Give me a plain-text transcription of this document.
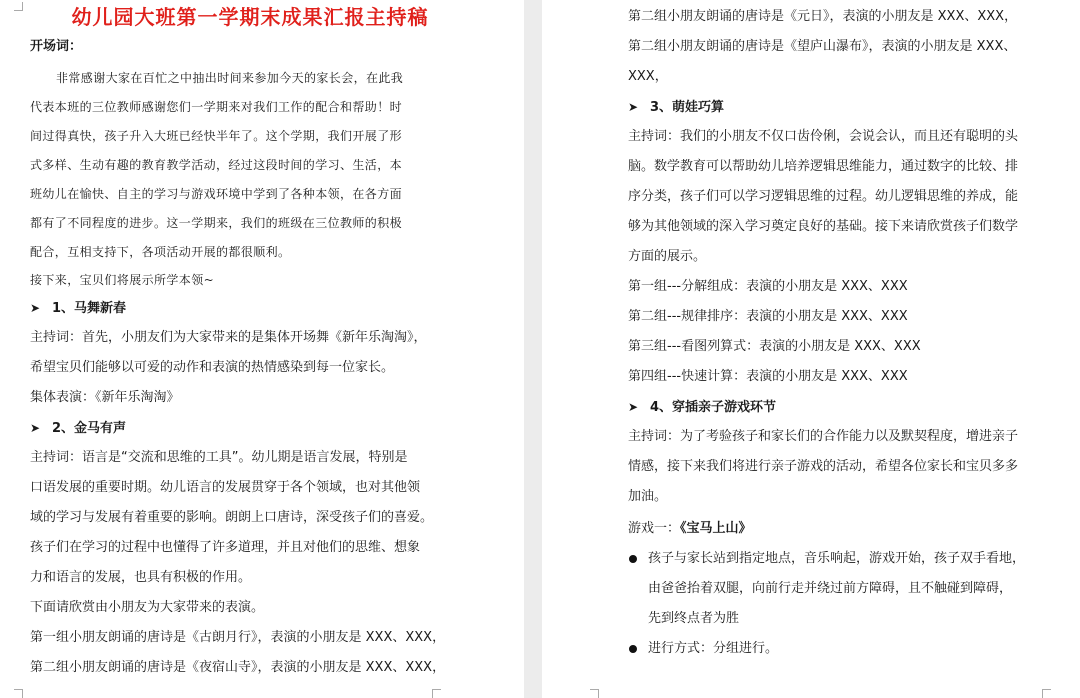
幼儿园大班第一学期末成果汇报主持稿
开场词：
非常感谢大家在百忙之中抽出时间来参加今天的家长会，在此我
代表本班的三位教师感谢您们一学期来对我们工作的配合和帮助！时
间过得真快，孩子升入大班已经快半年了。这个学期，我们开展了形
式多样、生动有趣的教育教学活动，经过这段时间的学习、生活，本
班幼儿在愉快、自主的学习与游戏环境中学到了各种本领，在各方面
都有了不同程度的进步。这一学期来，我们的班级在三位教师的积极
配合，互相支持下，各项活动开展的都很顺利。
接下来，宝贝们将展示所学本领~
➤ 1、马舞新春
主持词：首先，小朋友们为大家带来的是集体开场舞《新年乐淘淘》，
希望宝贝们能够以可爱的动作和表演的热情感染到每一位家长。
集体表演：《新年乐淘淘》
➤ 2、金马有声
主持词：语言是“交流和思维的工具”。幼儿期是语言发展，特别是
口语发展的重要时期。幼儿语言的发展贯穿于各个领域，也对其他领
域的学习与发展有着重要的影响。朗朗上口唐诗，深受孩子们的喜爱。
孩子们在学习的过程中也懂得了许多道理，并且对他们的思维、想象
力和语言的发展，也具有积极的作用。
下面请欣赏由小朋友为大家带来的表演。
第一组小朋友朗诵的唐诗是《古朗月行》，表演的小朋友是 XXX、XXX，
第二组小朋友朗诵的唐诗是《夜宿山寺》，表演的小朋友是 XXX、XXX，
第二组小朋友朗诵的唐诗是《元日》，表演的小朋友是 XXX、XXX，
第二组小朋友朗诵的唐诗是《望庐山瀑布》，表演的小朋友是 XXX、
XXX，
➤ 3、萌娃巧算
主持词：我们的小朋友不仅口齿伶俐，会说会认，而且还有聪明的头
脑。数学教育可以帮助幼儿培养逻辑思维能力，通过数字的比较、排
序分类，孩子们可以学习逻辑思维的过程。幼儿逻辑思维的养成，能
够为其他领域的深入学习奠定良好的基础。接下来请欣赏孩子们数学
方面的展示。
第一组---分解组成：表演的小朋友是 XXX、XXX
第二组---规律排序：表演的小朋友是 XXX、XXX
第三组---看图列算式：表演的小朋友是 XXX、XXX
第四组---快速计算：表演的小朋友是 XXX、XXX
➤ 4、穿插亲子游戏环节
主持词：为了考验孩子和家长们的合作能力以及默契程度，增进亲子
情感，接下来我们将进行亲子游戏的活动，希望各位家长和宝贝多多
加油。
游戏一：《宝马上山》
孩子与家长站到指定地点，音乐响起，游戏开始，孩子双手看地，
由爸爸抬着双腿，向前行走并绕过前方障碍，且不触碰到障碍，
先到终点者为胜
进行方式：分组进行。
